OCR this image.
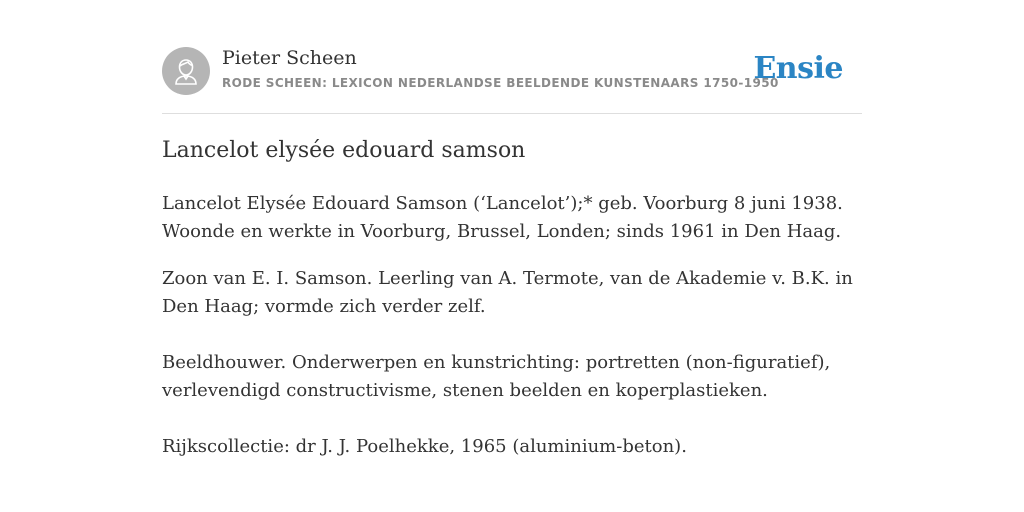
Pieter Scheen
RODE SCHEEN: LEXICON NEDERLANDSE BEELDENDE KUNSTENAARS 1750-1950
Ensie
Lancelot elysée edouard samson

Lancelot Elysée Edouard Samson (‘Lancelot’);* geb. Voorburg 8 juni 1938. Woonde en werkte in Voorburg, Brussel, Londen; sinds 1961 in Den Haag.

Zoon van E. I. Samson. Leerling van A. Termote, van de Akademie v. B.K. in Den Haag; vormde zich verder zelf.

Beeldhouwer. Onderwerpen en kunstrichting: portretten (non-figuratief), verlevendigd constructivisme, stenen beelden en koperplastieken.

Rijkscollectie: dr J. J. Poelhekke, 1965 (aluminium-beton).
